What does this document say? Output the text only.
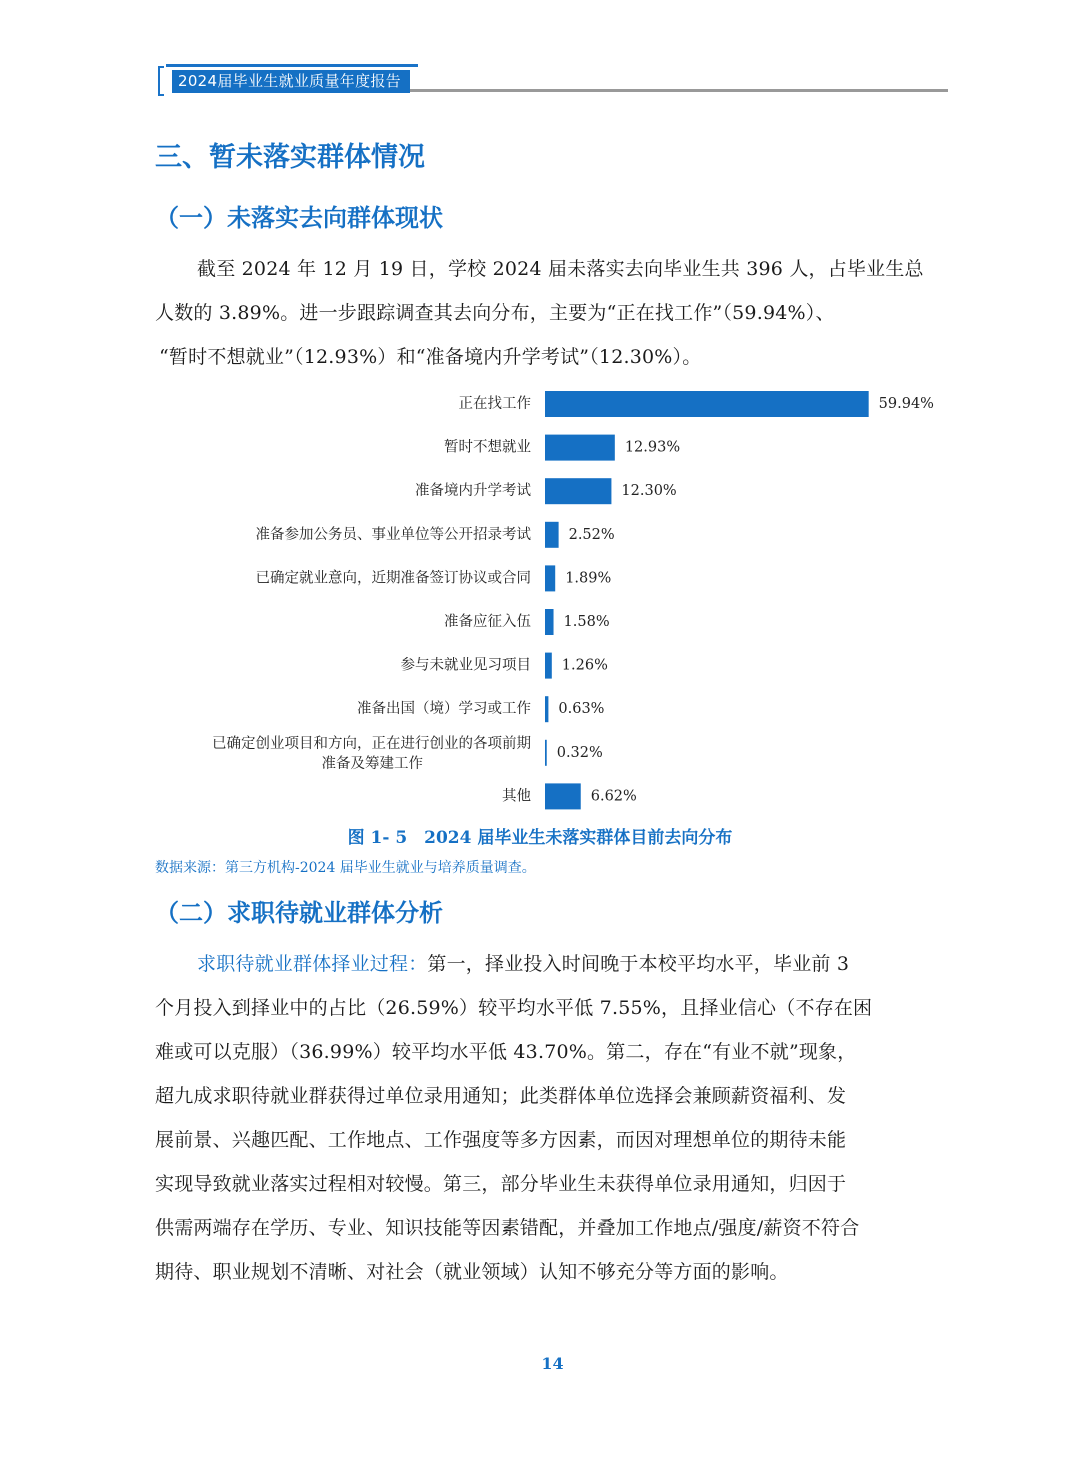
2024届毕业生就业质量年度报告
三、暂未落实群体情况
（一）未落实去向群体现状
截至 2024 年 12 月 19 日，学校 2024 届未落实去向毕业生共 396 人，占毕业生总
人数的 3.89%。进一步跟踪调查其去向分布，主要为“正在找工作”（59.94%）、
“暂时不想就业”（12.93%）和“准备境内升学考试”（12.30%）。
正在找工作	59.94%
暂时不想就业	12.93%
准备境内升学考试	12.30%
准备参加公务员、事业单位等公开招录考试	2.52%
已确定就业意向，近期准备签订协议或合同 1.89%
准备应征入伍 1.58%
参与未就业见习项目 1.26%
准备出国（境）学习或工作 0.63%
已确定创业项目和方向，正在进行创业的各项前期准备及筹建工作
0.32%
其他	6.62%
图 1- 5　2024 届毕业生未落实群体目前去向分布
数据来源：第三方机构-2024 届毕业生就业与培养质量调查。
（二）求职待就业群体分析
求职待就业群体择业过程：第一，择业投入时间晚于本校平均水平，毕业前 3
个月投入到择业中的占比（26.59%）较平均水平低 7.55%，且择业信心（不存在困
难或可以克服）（36.99%）较平均水平低 43.70%。第二，存在“有业不就”现象，
超九成求职待就业群获得过单位录用通知；此类群体单位选择会兼顾薪资福利、发
展前景、兴趣匹配、工作地点、工作强度等多方因素，而因对理想单位的期待未能
实现导致就业落实过程相对较慢。第三，部分毕业生未获得单位录用通知，归因于
供需两端存在学历、专业、知识技能等因素错配，并叠加工作地点/强度/薪资不符合
期待、职业规划不清晰、对社会（就业领域）认知不够充分等方面的影响。
14
